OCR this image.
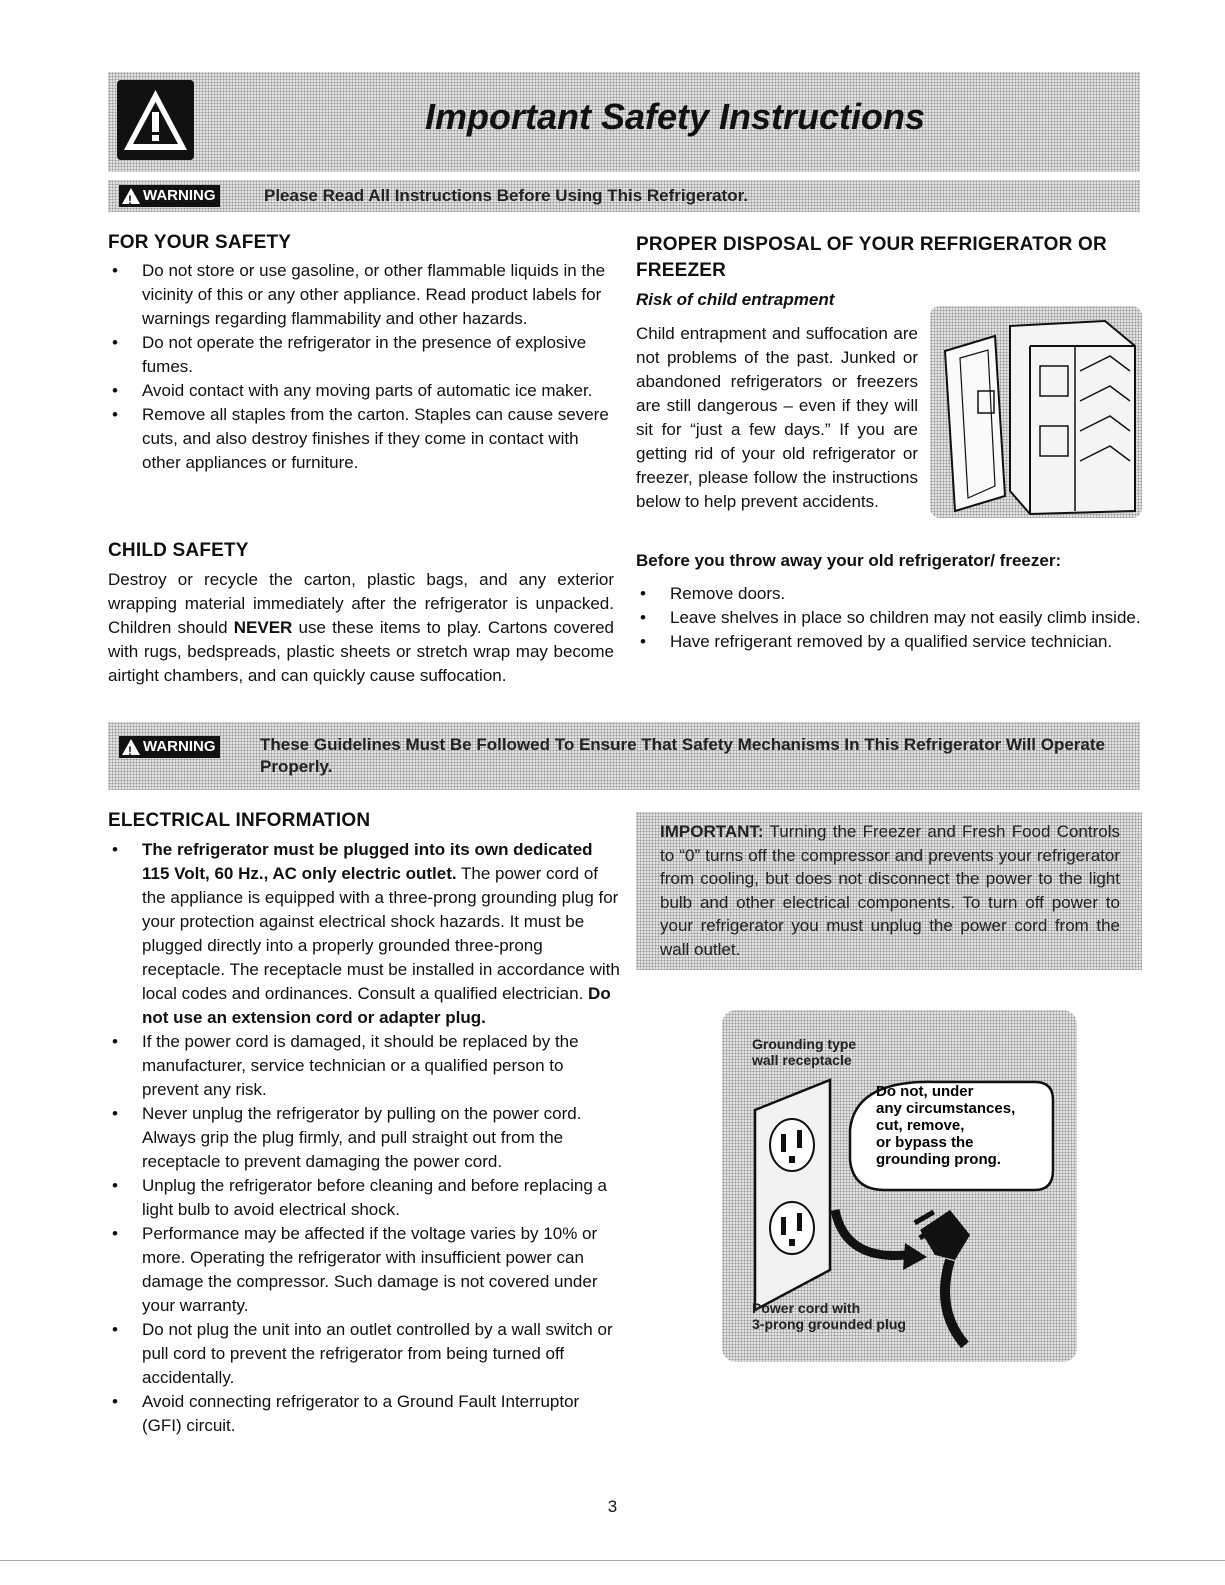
Important Safety Instructions
!
WARNING	Please Read All Instructions Before Using This Refrigerator.
FOR YOUR SAFETY
• Do not store or use gasoline, or other flammable liquids in the vicinity of this or any other appliance. Read product labels for warnings regarding flammability and other hazards.
• Do not operate the refrigerator in the presence of explosive fumes.
• Avoid contact with any moving parts of automatic ice maker.
• Remove all staples from the carton. Staples can cause severe cuts, and also destroy finishes if they come in contact with other appliances or furniture.
CHILD SAFETY
Destroy or recycle the carton, plastic bags, and any exterior wrapping material immediately after the refrigerator is unpacked. Children should NEVER use these items to play. Cartons covered with rugs, bedspreads, plastic sheets or stretch wrap may become airtight chambers, and can quickly cause suffocation.
PROPER DISPOSAL OF YOUR REFRIGERATOR OR FREEZER
Risk of child entrapment
Child entrapment and suffocation are not problems of the past. Junked or abandoned refrigerators or freezers are still dangerous – even if they will sit for “just a few days.” If you are getting rid of your old refrigerator or freezer, please follow the instructions below to help prevent accidents.
Before you throw away your old refrigerator/ freezer:
• Remove doors.
• Leave shelves in place so children may not easily climb inside.
• Have refrigerant removed by a qualified service technician.
!
WARNING	These Guidelines Must Be Followed To Ensure That Safety Mechanisms In This Refrigerator Will Operate Properly.
ELECTRICAL INFORMATION
• The refrigerator must be plugged into its own dedicated 115 Volt, 60 Hz., AC only electric outlet. The power cord of the appliance is equipped with a three-prong grounding plug for your protection against electrical shock hazards. It must be plugged directly into a properly grounded three-prong receptacle. The receptacle must be installed in accordance with local codes and ordinances. Consult a qualified electrician. Do not use an extension cord or adapter plug.
• If the power cord is damaged, it should be replaced by the manufacturer, service technician or a qualified person to prevent any risk.
• Never unplug the refrigerator by pulling on the power cord. Always grip the plug firmly, and pull straight out from the receptacle to prevent damaging the power cord.
• Unplug the refrigerator before cleaning and before replacing a light bulb to avoid electrical shock.
• Performance may be affected if the voltage varies by 10% or more. Operating the refrigerator with insufficient power can damage the compressor. Such damage is not covered under your warranty.
• Do not plug the unit into an outlet controlled by a wall switch or pull cord to prevent the refrigerator from being turned off accidentally.
• Avoid connecting refrigerator to a Ground Fault Interruptor (GFI) circuit.
IMPORTANT: Turning the Freezer and Fresh Food Controls to “0” turns off the compressor and prevents your refrigerator from cooling, but does not disconnect the power to the light bulb and other electrical components. To turn off power to your refrigerator you must unplug the power cord from the wall outlet.
Grounding type
wall receptacle
Do not, under
any circumstances,
cut, remove,
or bypass the
grounding prong.
Power cord with
3-prong grounded plug
3
